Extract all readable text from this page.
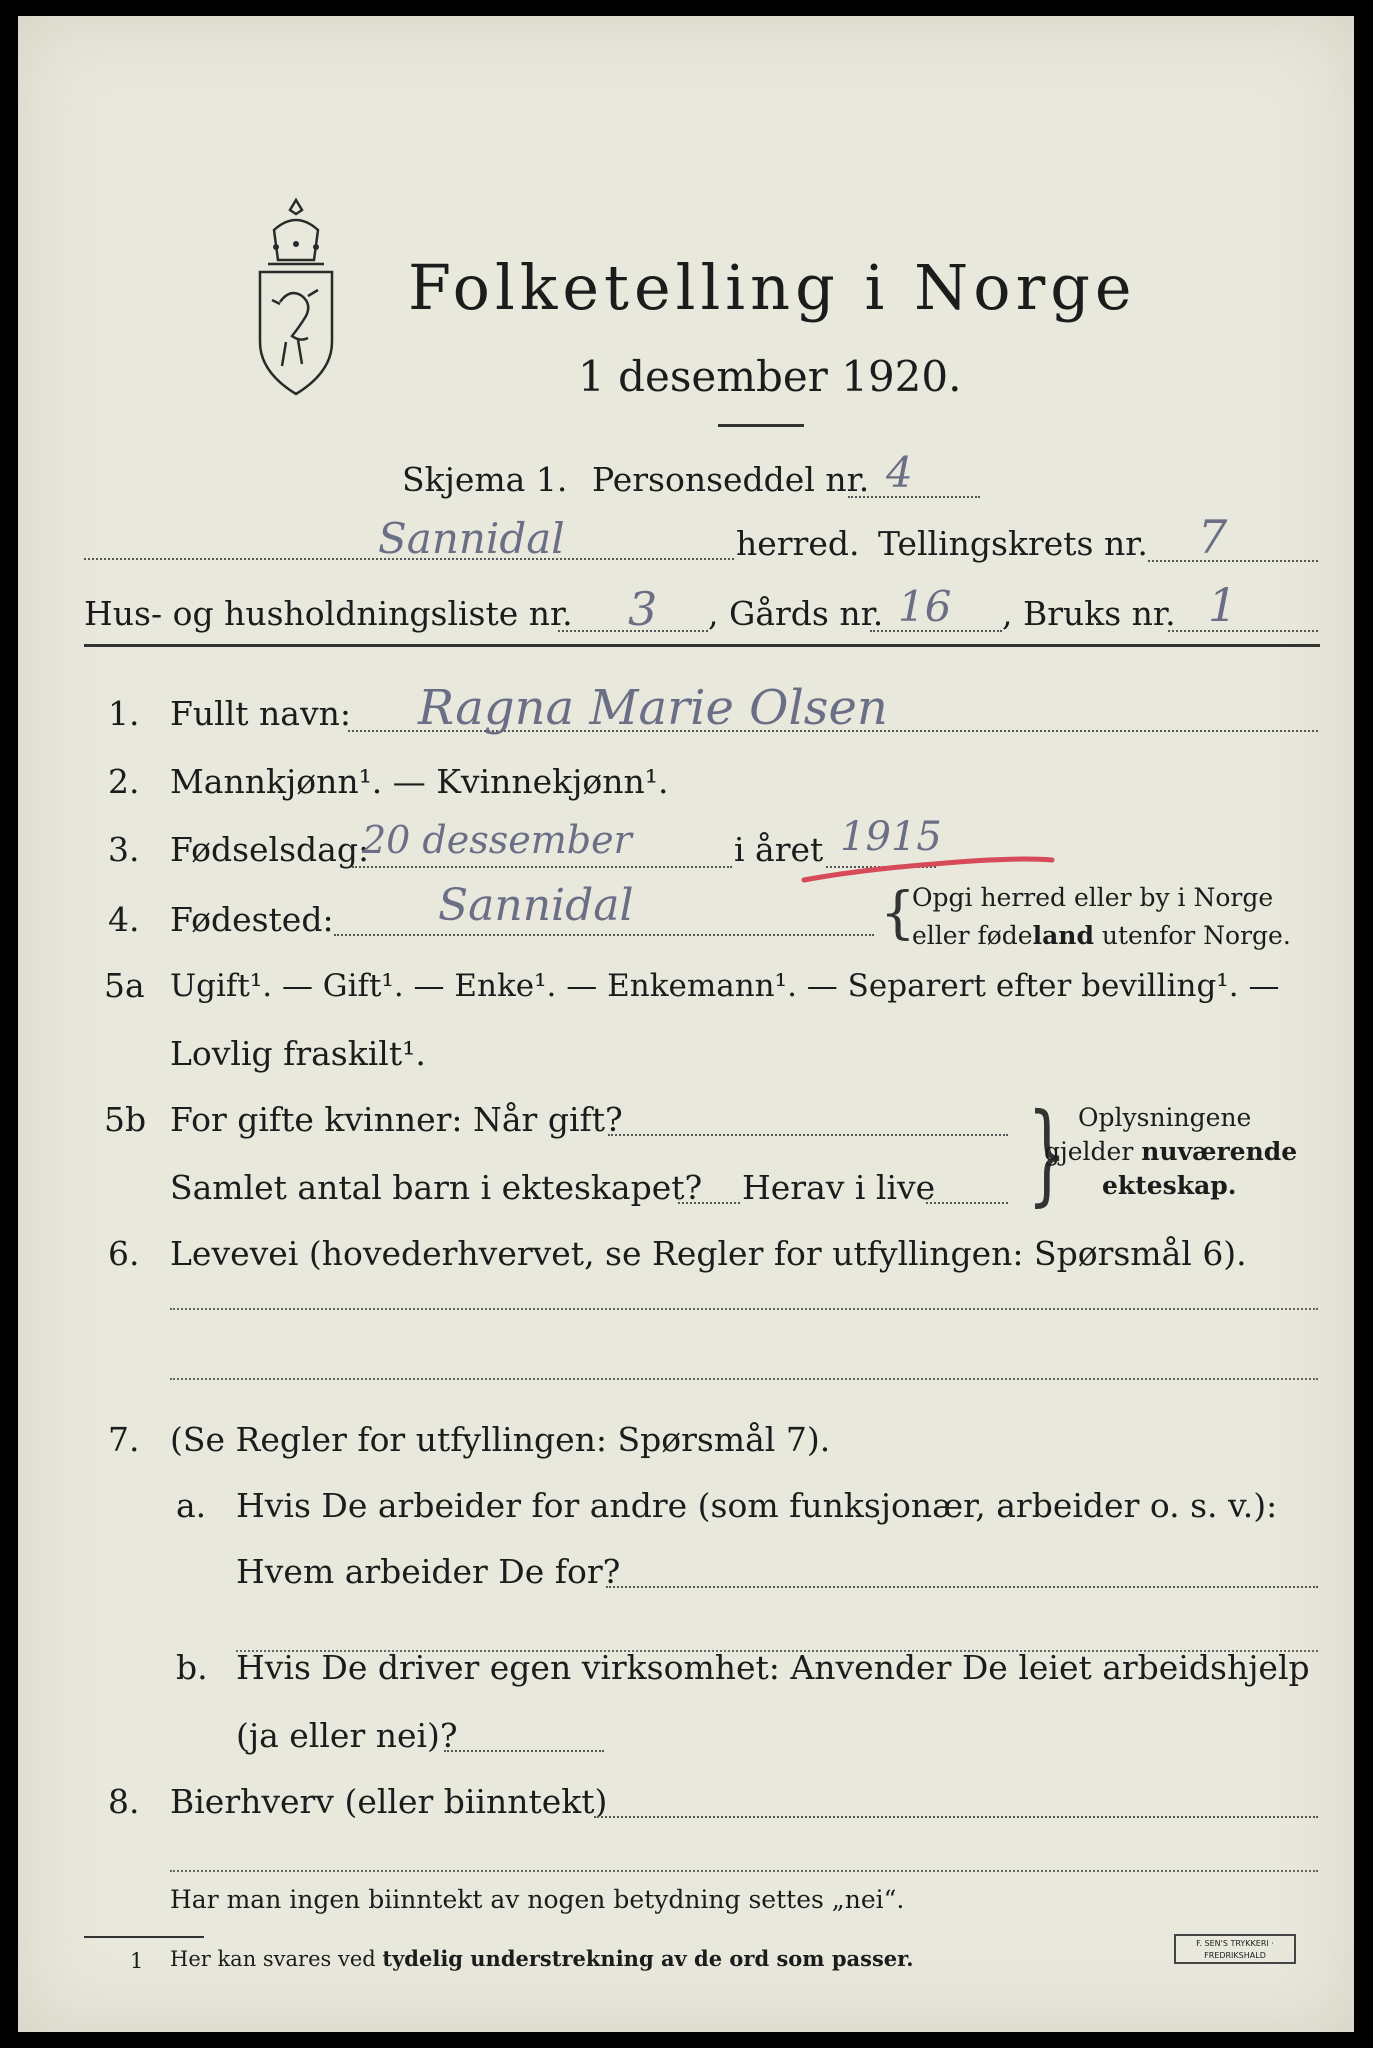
Folketelling i Norge
1 desember 1920.
Skjema 1. Personseddel nr. 4
Sannidal	herred. Tellingskrets nr. 7
Hus- og husholdningsliste nr. 3 , Gårds nr. 16 , Bruks nr. 1
1. Fullt navn: Ragna Marie Olsen
2. Mannkjønn¹. — Kvinnekjønn¹.
3. Fødselsdag:
20 dessember	i året 1915
4. Fødested: Sannidal	{
Opgi herred eller by i Norge
eller fødeland utenfor Norge.
5a Ugift¹. — Gift¹. — Enke¹. — Enkemann¹. — Separert efter bevilling¹. —
Lovlig fraskilt¹.
5b For gifte kvinner: Når gift?
Samlet antal barn i ekteskapet? Herav i live } Oplysningene
gjelder nuværende
ekteskap.
6. Levevei (hovederhvervet, se Regler for utfyllingen: Spørsmål 6).
7. (Se Regler for utfyllingen: Spørsmål 7).
a. Hvis De arbeider for andre (som funksjonær, arbeider o. s. v.):
Hvem arbeider De for?
b. Hvis De driver egen virksomhet: Anvender De leiet arbeidshjelp
(ja eller nei)?
8. Bierhverv (eller biinntekt)
Har man ingen biinntekt av nogen betydning settes „nei“.
1 Her kan svares ved tydelig understrekning av de ord som passer.
F. SEN'S TRYKKERI · FREDRIKSHALD
